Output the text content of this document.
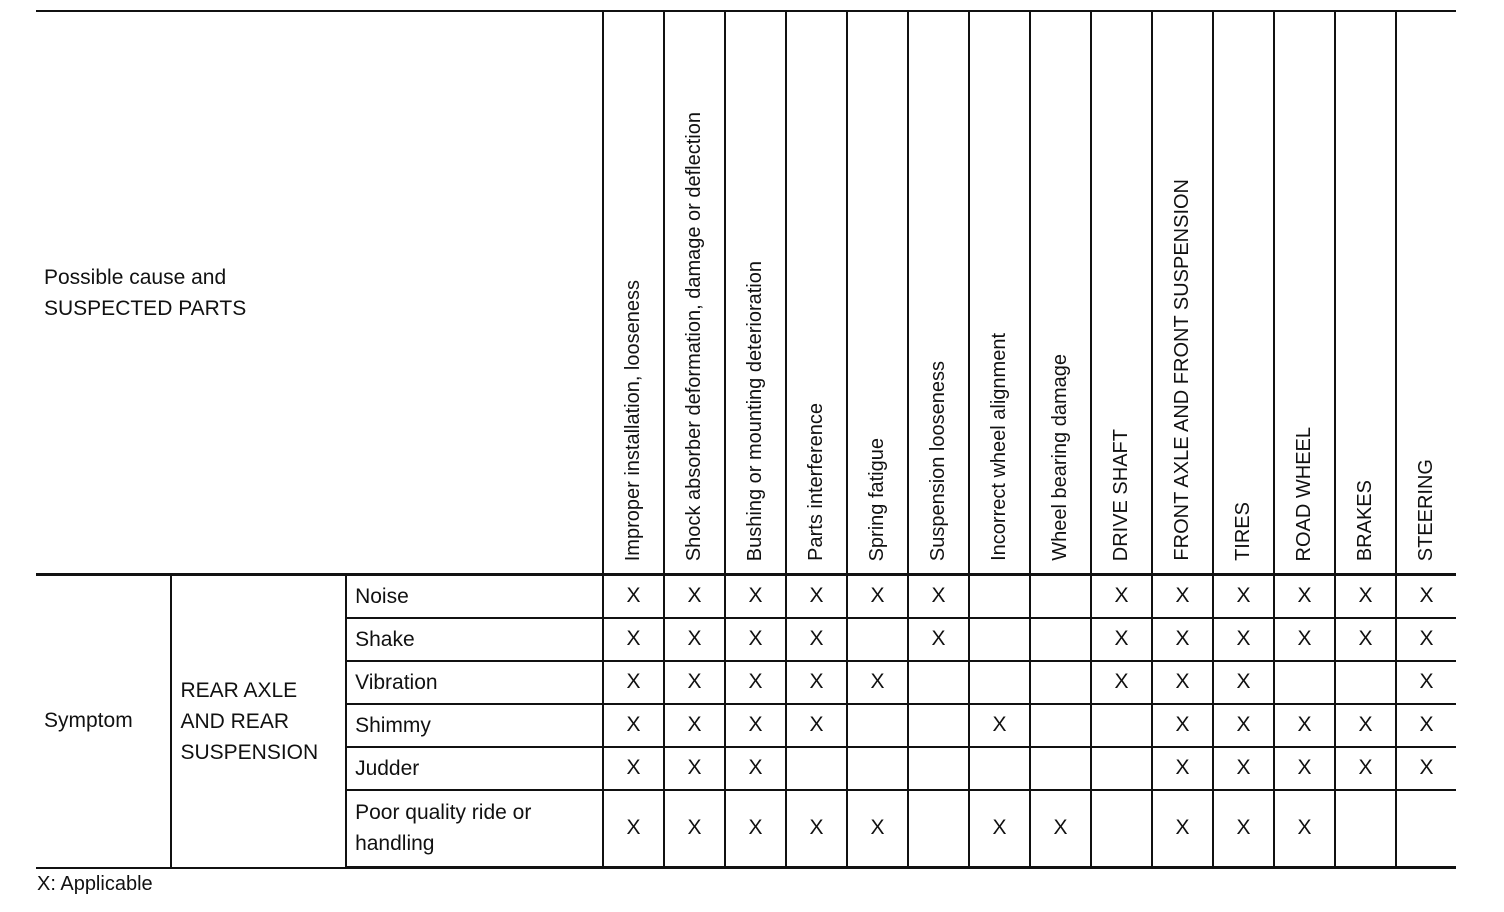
Possible cause and
SUSPECTED PARTS			Improper installation, looseness	Shock absorber deformation, damage or deflection	Bushing or mounting deterioration	Parts interference	Spring fatigue	Suspension looseness	Incorrect wheel alignment	Wheel bearing damage	DRIVE SHAFT	FRONT AXLE AND FRONT SUSPENSION	TIRES	ROAD WHEEL	BRAKES	STEERING

Symptom	REAR AXLE
AND REAR
SUSPENSION	Noise	X	X	X	X	X	X			X	X	X	X	X	X

		Shake	X	X	X	X		X			X	X	X	X	X	X

		Vibration	X	X	X	X	X				X	X	X			X

		Shimmy	X	X	X	X			X			X	X	X	X	X

		Judder	X	X	X							X	X	X	X	X

		Poor quality ride or
handling	X	X	X	X	X		X	X		X	X	X		
X: Applicable
